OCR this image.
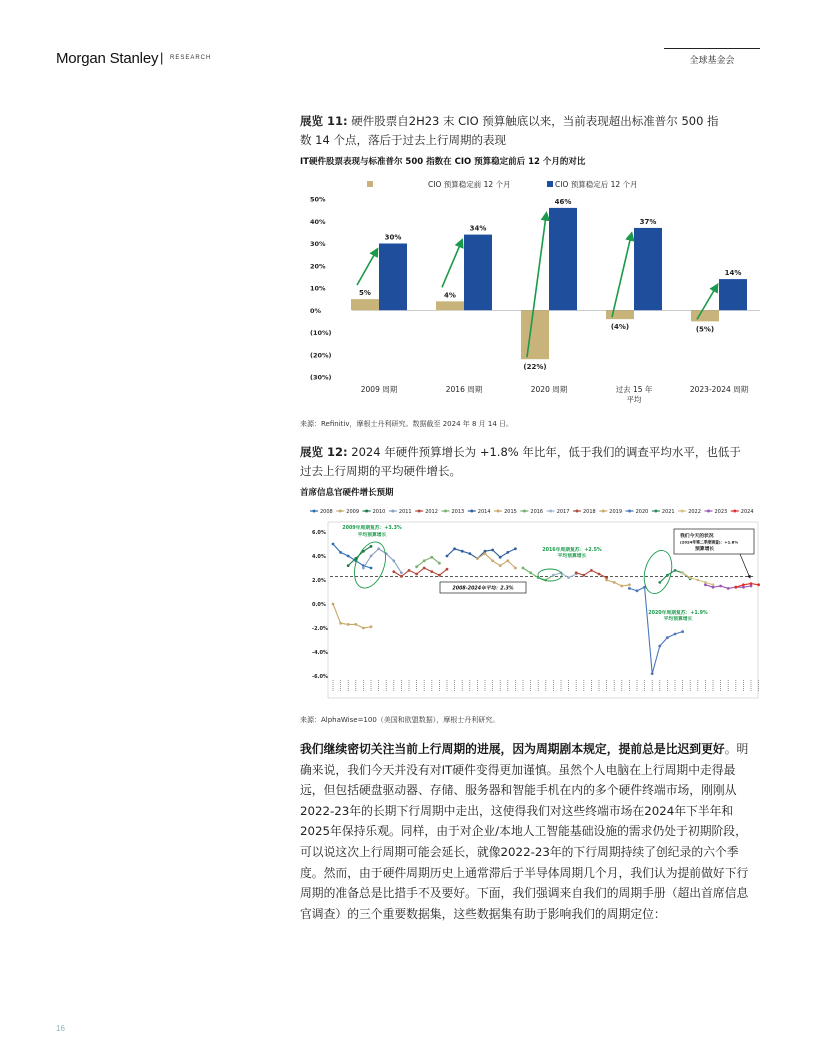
Morgan Stanley | RESEARCH	全球基金会
展览 11: 硬件股票自2H23 末 CIO 预算触底以来，当前表现超出标准普尔 500 指
数 14 个点，落后于过去上行周期的表现
IT硬件股票表现与标准普尔 500 指数在 CIO 预算稳定前后 12 个月的对比
CIO 预算稳定前 12 个月	CIO 预算稳定后 12 个月
50%
40%
30%
20%
10%
0%
(10%)
(20%)
(30%)
5%
30%
2009 周期
4%
34%
2016 周期
(22%)
46%
2020 周期
(4%)
37%
过去 15 年
平均
(5%)
14%
2023-2024 周期
来源：Refinitiv，摩根士丹利研究。数据截至 2024 年 8 月 14 日。
展览 12: 2024 年硬件预算增长为 +1.8% 年比年，低于我们的调查平均水平，也低于
过去上行周期的平均硬件增长。
首席信息官硬件增长预期
2008	2009	2010	2011	2012	2013	2014	2015	2016	2017	2018	2019	2020	2021	2022	2023	2024
6.0%
4.0%
2.0%
0.0%
-2.0%
-4.0%
-6.0%
2009年周期复苏：+3.3%
平均预算增长
2016年周期复苏：+2.5%
平均预算增长
2020年周期复苏：+1.9%
平均预算增长
2008-2024年平均：2.3%
我们今天的状况
(2024年第二季度调查)：+1.8%
预算增长
来源：AlphaWise=100（美国和欧盟数据），摩根士丹利研究。
我们继续密切关注当前上行周期的进展，因为周期剧本规定，提前总是比迟到更好。明确来说，我们今天并没有对IT硬件变得更加谨慎。虽然个人电脑在上行周期中走得最远，但包括硬盘驱动器、存储、服务器和智能手机在内的多个硬件终端市场，刚刚从2022-23年的长期下行周期中走出，这使得我们对这些终端市场在2024年下半年和2025年保持乐观。同样，由于对企业/本地人工智能基础设施的需求仍处于初期阶段，可以说这次上行周期可能会延长，就像2022-23年的下行周期持续了创纪录的六个季度。然而，由于硬件周期历史上通常滞后于半导体周期几个月，我们认为提前做好下行周期的准备总是比措手不及要好。下面，我们强调来自我们的周期手册（超出首席信息官调查）的三个重要数据集，这些数据集有助于影响我们的周期定位：
16
